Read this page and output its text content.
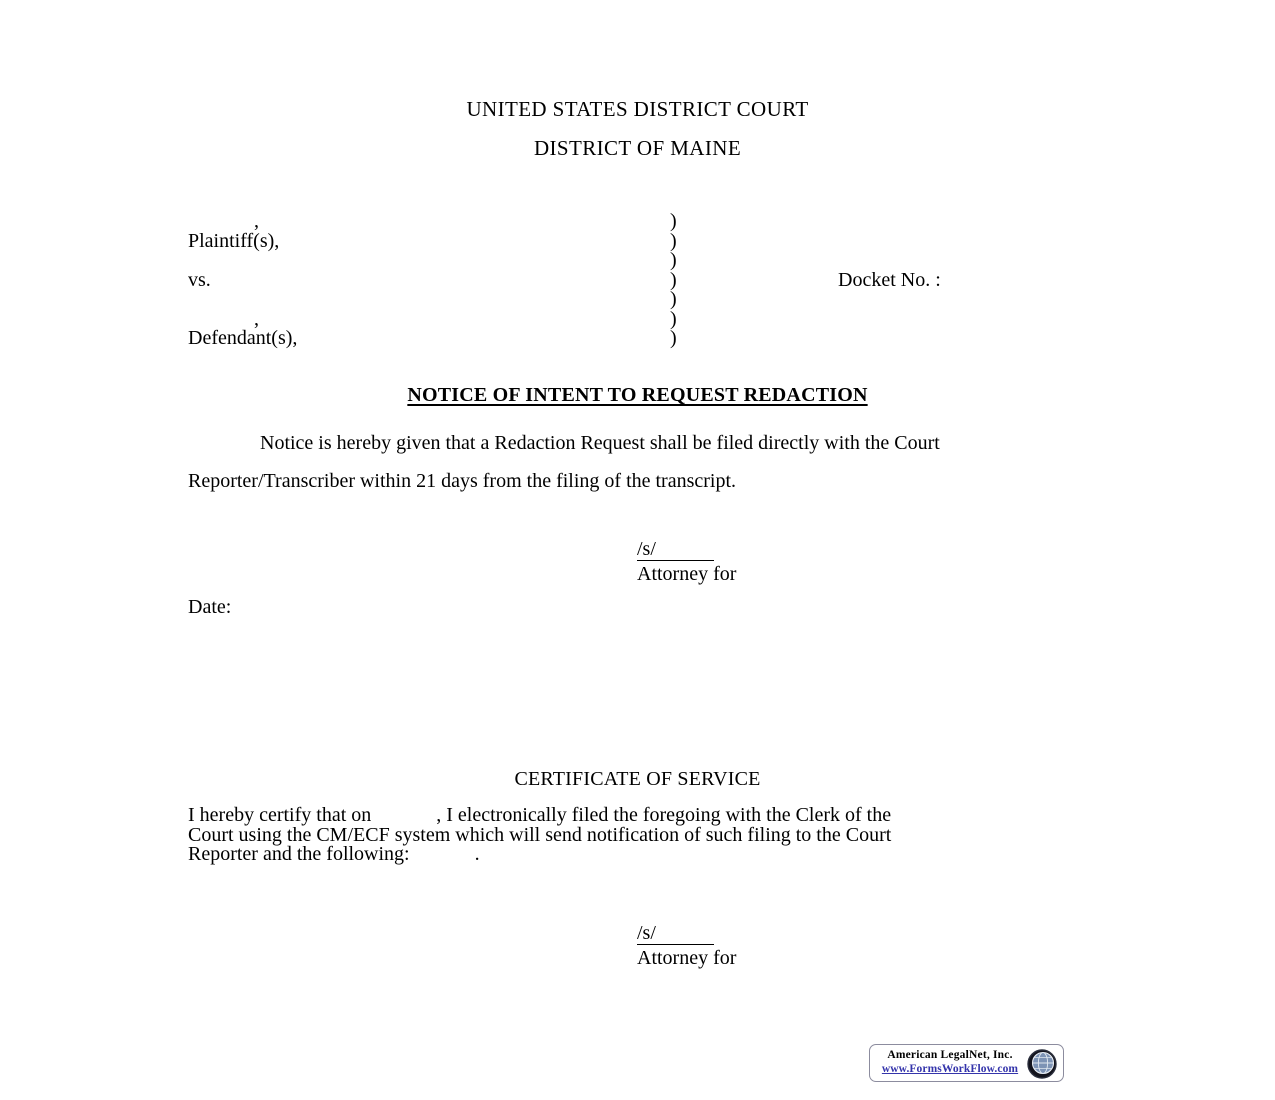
UNITED STATES DISTRICT COURT
DISTRICT OF MAINE
,
Plaintiff(s),

vs.

,
Defendant(s),
)
)
)
)
)
)
)
Docket No. :
NOTICE OF INTENT TO REQUEST REDACTION
Notice is hereby given that a Redaction Request shall be filed directly with the Court Reporter/Transcriber within 21 days from the filing of the transcript.
/s/
Attorney for
Date:
CERTIFICATE OF SERVICE
I hereby certify that on             , I electronically filed the foregoing with the Clerk of the
Court using the CM/ECF system which will send notification of such filing to the Court
Reporter and the following:             .
/s/
Attorney for
American LegalNet, Inc.
www.FormsWorkFlow.com
